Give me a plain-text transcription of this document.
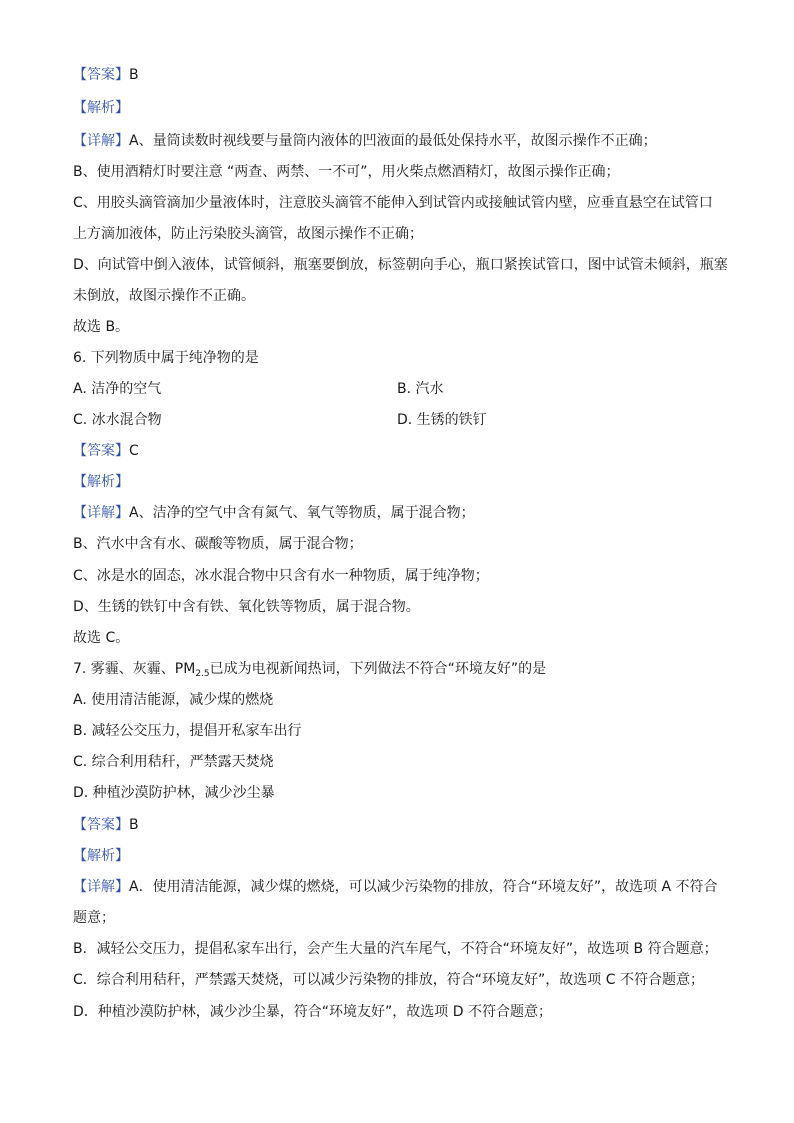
【答案】B
【解析】
【详解】A、量筒读数时视线要与量筒内液体的凹液面的最低处保持水平，故图示操作不正确；
B、使用酒精灯时要注意 “两查、两禁、一不可”，用火柴点燃酒精灯，故图示操作正确；
C、用胶头滴管滴加少量液体时，注意胶头滴管不能伸入到试管内或接触试管内壁，应垂直悬空在试管口
上方滴加液体，防止污染胶头滴管，故图示操作不正确；
D、向试管中倒入液体，试管倾斜，瓶塞要倒放，标签朝向手心，瓶口紧挨试管口，图中试管未倾斜，瓶塞
未倒放，故图示操作不正确。
故选 B。
6. 下列物质中属于纯净物的是
A. 洁净的空气	B. 汽水
C. 冰水混合物	D. 生锈的铁钉
【答案】C
【解析】
【详解】A、洁净的空气中含有氮气、氧气等物质，属于混合物；
B、汽水中含有水、碳酸等物质，属于混合物；
C、冰是水的固态，冰水混合物中只含有水一种物质，属于纯净物；
D、生锈的铁钉中含有铁、氧化铁等物质，属于混合物。
故选 C。
7. 雾霾、灰霾、$PM_{2.5}$已成为电视新闻热词，下列做法不符合“环境友好”的是
A. 使用清洁能源，减少煤的燃烧
B. 减轻公交压力，提倡开私家车出行
C. 综合利用秸秆，严禁露天焚烧
D. 种植沙漠防护林，减少沙尘暴
【答案】B
【解析】
【详解】A．使用清洁能源，减少煤的燃烧，可以减少污染物的排放，符合“环境友好”，故选项 A 不符合
题意；
B．减轻公交压力，提倡私家车出行，会产生大量的汽车尾气，不符合“环境友好”，故选项 B 符合题意；
C．综合利用秸秆，严禁露天焚烧，可以减少污染物的排放，符合“环境友好”，故选项 C 不符合题意；
D．种植沙漠防护林，减少沙尘暴，符合“环境友好”，故选项 D 不符合题意；
